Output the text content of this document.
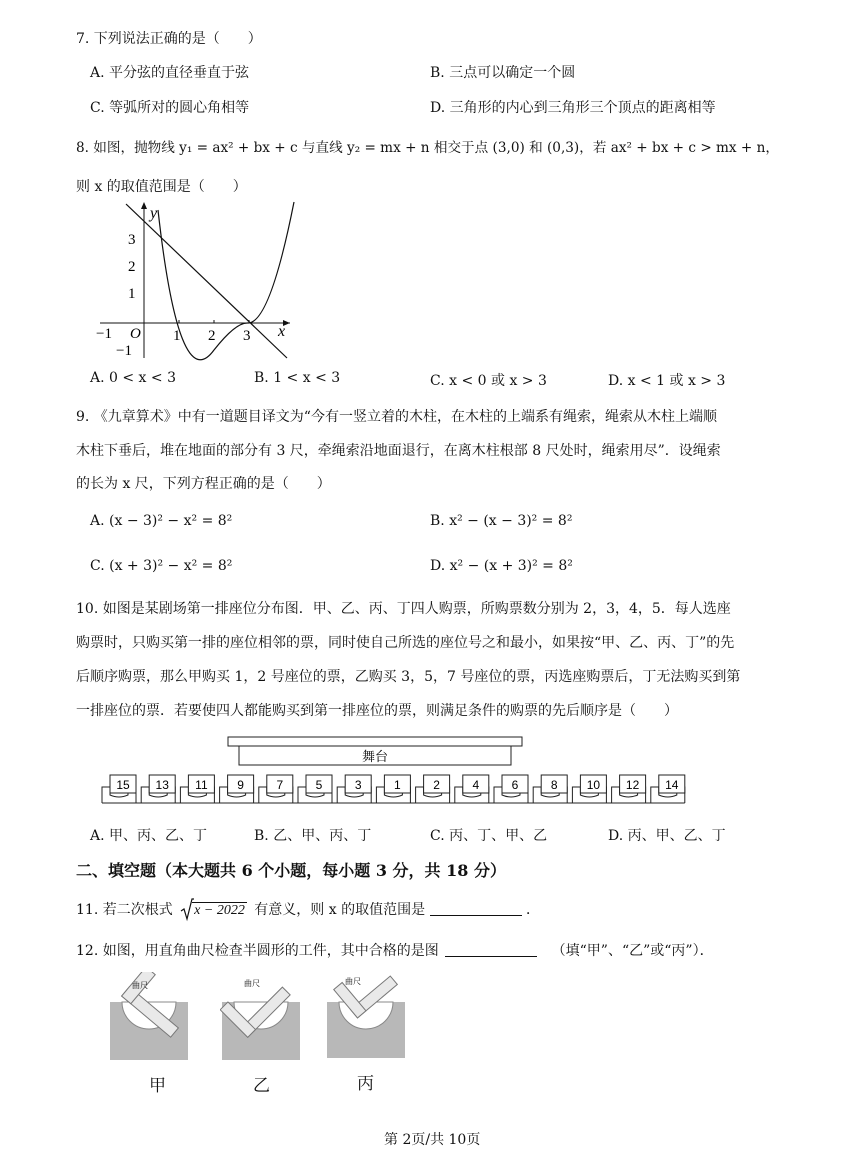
7. 下列说法正确的是（　　）
A. 平分弦的直径垂直于弦	B. 三点可以确定一个圆
C. 等弧所对的圆心角相等	D. 三角形的内心到三角形三个顶点的距离相等
8. 如图，抛物线 y₁ = ax² + bx + c 与直线 y₂ = mx + n 相交于点 (3,0) 和 (0,3)，若 ax² + bx + c > mx + n，
则 x 的取值范围是（　　）
y
x
O
3
2
1
−1
−1	1 2 3
A. 0 < x < 3	B. 1 < x < 3	C. x < 0 或 x > 3	D. x < 1 或 x > 3
9. 《九章算术》中有一道题目译文为“今有一竖立着的木柱，在木柱的上端系有绳索，绳索从木柱上端顺
木柱下垂后，堆在地面的部分有 3 尺，牵绳索沿地面退行，在离木柱根部 8 尺处时，绳索用尽”．设绳索
的长为 x 尺，下列方程正确的是（　　）
A. (x − 3)² − x² = 8²	B. x² − (x − 3)² = 8²
C. (x + 3)² − x² = 8²	D. x² − (x + 3)² = 8²
10. 如图是某剧场第一排座位分布图．甲、乙、丙、丁四人购票，所购票数分别为 2，3，4，5．每人选座
购票时，只购买第一排的座位相邻的票，同时使自己所选的座位号之和最小，如果按“甲、乙、丙、丁”的先
后顺序购票，那么甲购买 1，2 号座位的票，乙购买 3，5，7 号座位的票，丙选座购票后，丁无法购买到第
一排座位的票．若要使四人都能购买到第一排座位的票，则满足条件的购票的先后顺序是（　　）
舞台
15 13 11 9	7	5	3	1	2	4	6	8 10 12 14
A. 甲、丙、乙、丁	B. 乙、甲、丙、丁	C. 丙、丁、甲、乙	D. 丙、甲、乙、丁
二、填空题（本大题共 6 个小题，每小题 3 分，共 18 分）
11. 若二次根式 x − 2022 有意义，则 x 的取值范围是	．
12. 如图，用直角曲尺检查半圆形的工件，其中合格的是图	（填“甲”、“乙”或“丙”）．
曲尺	曲尺	曲尺
甲	乙	丙
第 2页/共 10页
